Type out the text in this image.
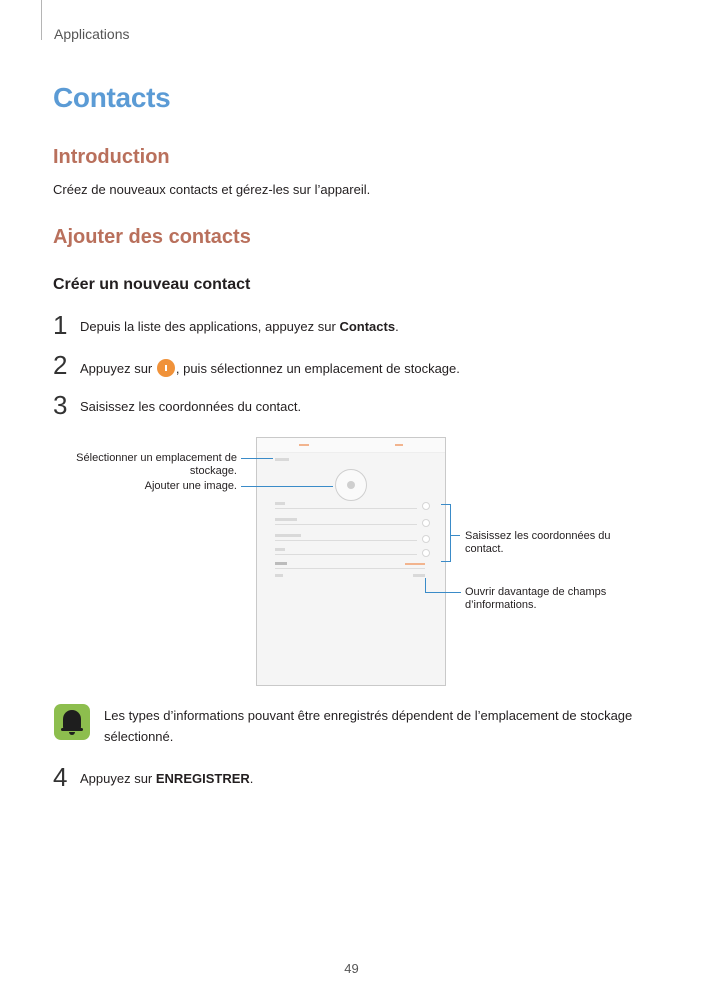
Applications
Contacts
Introduction
Créez de nouveaux contacts et gérez-les sur l’appareil.
Ajouter des contacts
Créer un nouveau contact
1 Depuis la liste des applications, appuyez sur Contacts.
2 Appuyez sur , puis sélectionnez un emplacement de stockage.
3 Saisissez les coordonnées du contact.
Sélectionner un emplacement de stockage.
Ajouter une image.
Saisissez les coordonnées du contact.
Ouvrir davantage de champs d’informations.
Les types d’informations pouvant être enregistrés dépendent de l’emplacement de stockage sélectionné.
4 Appuyez sur ENREGISTRER.
49
